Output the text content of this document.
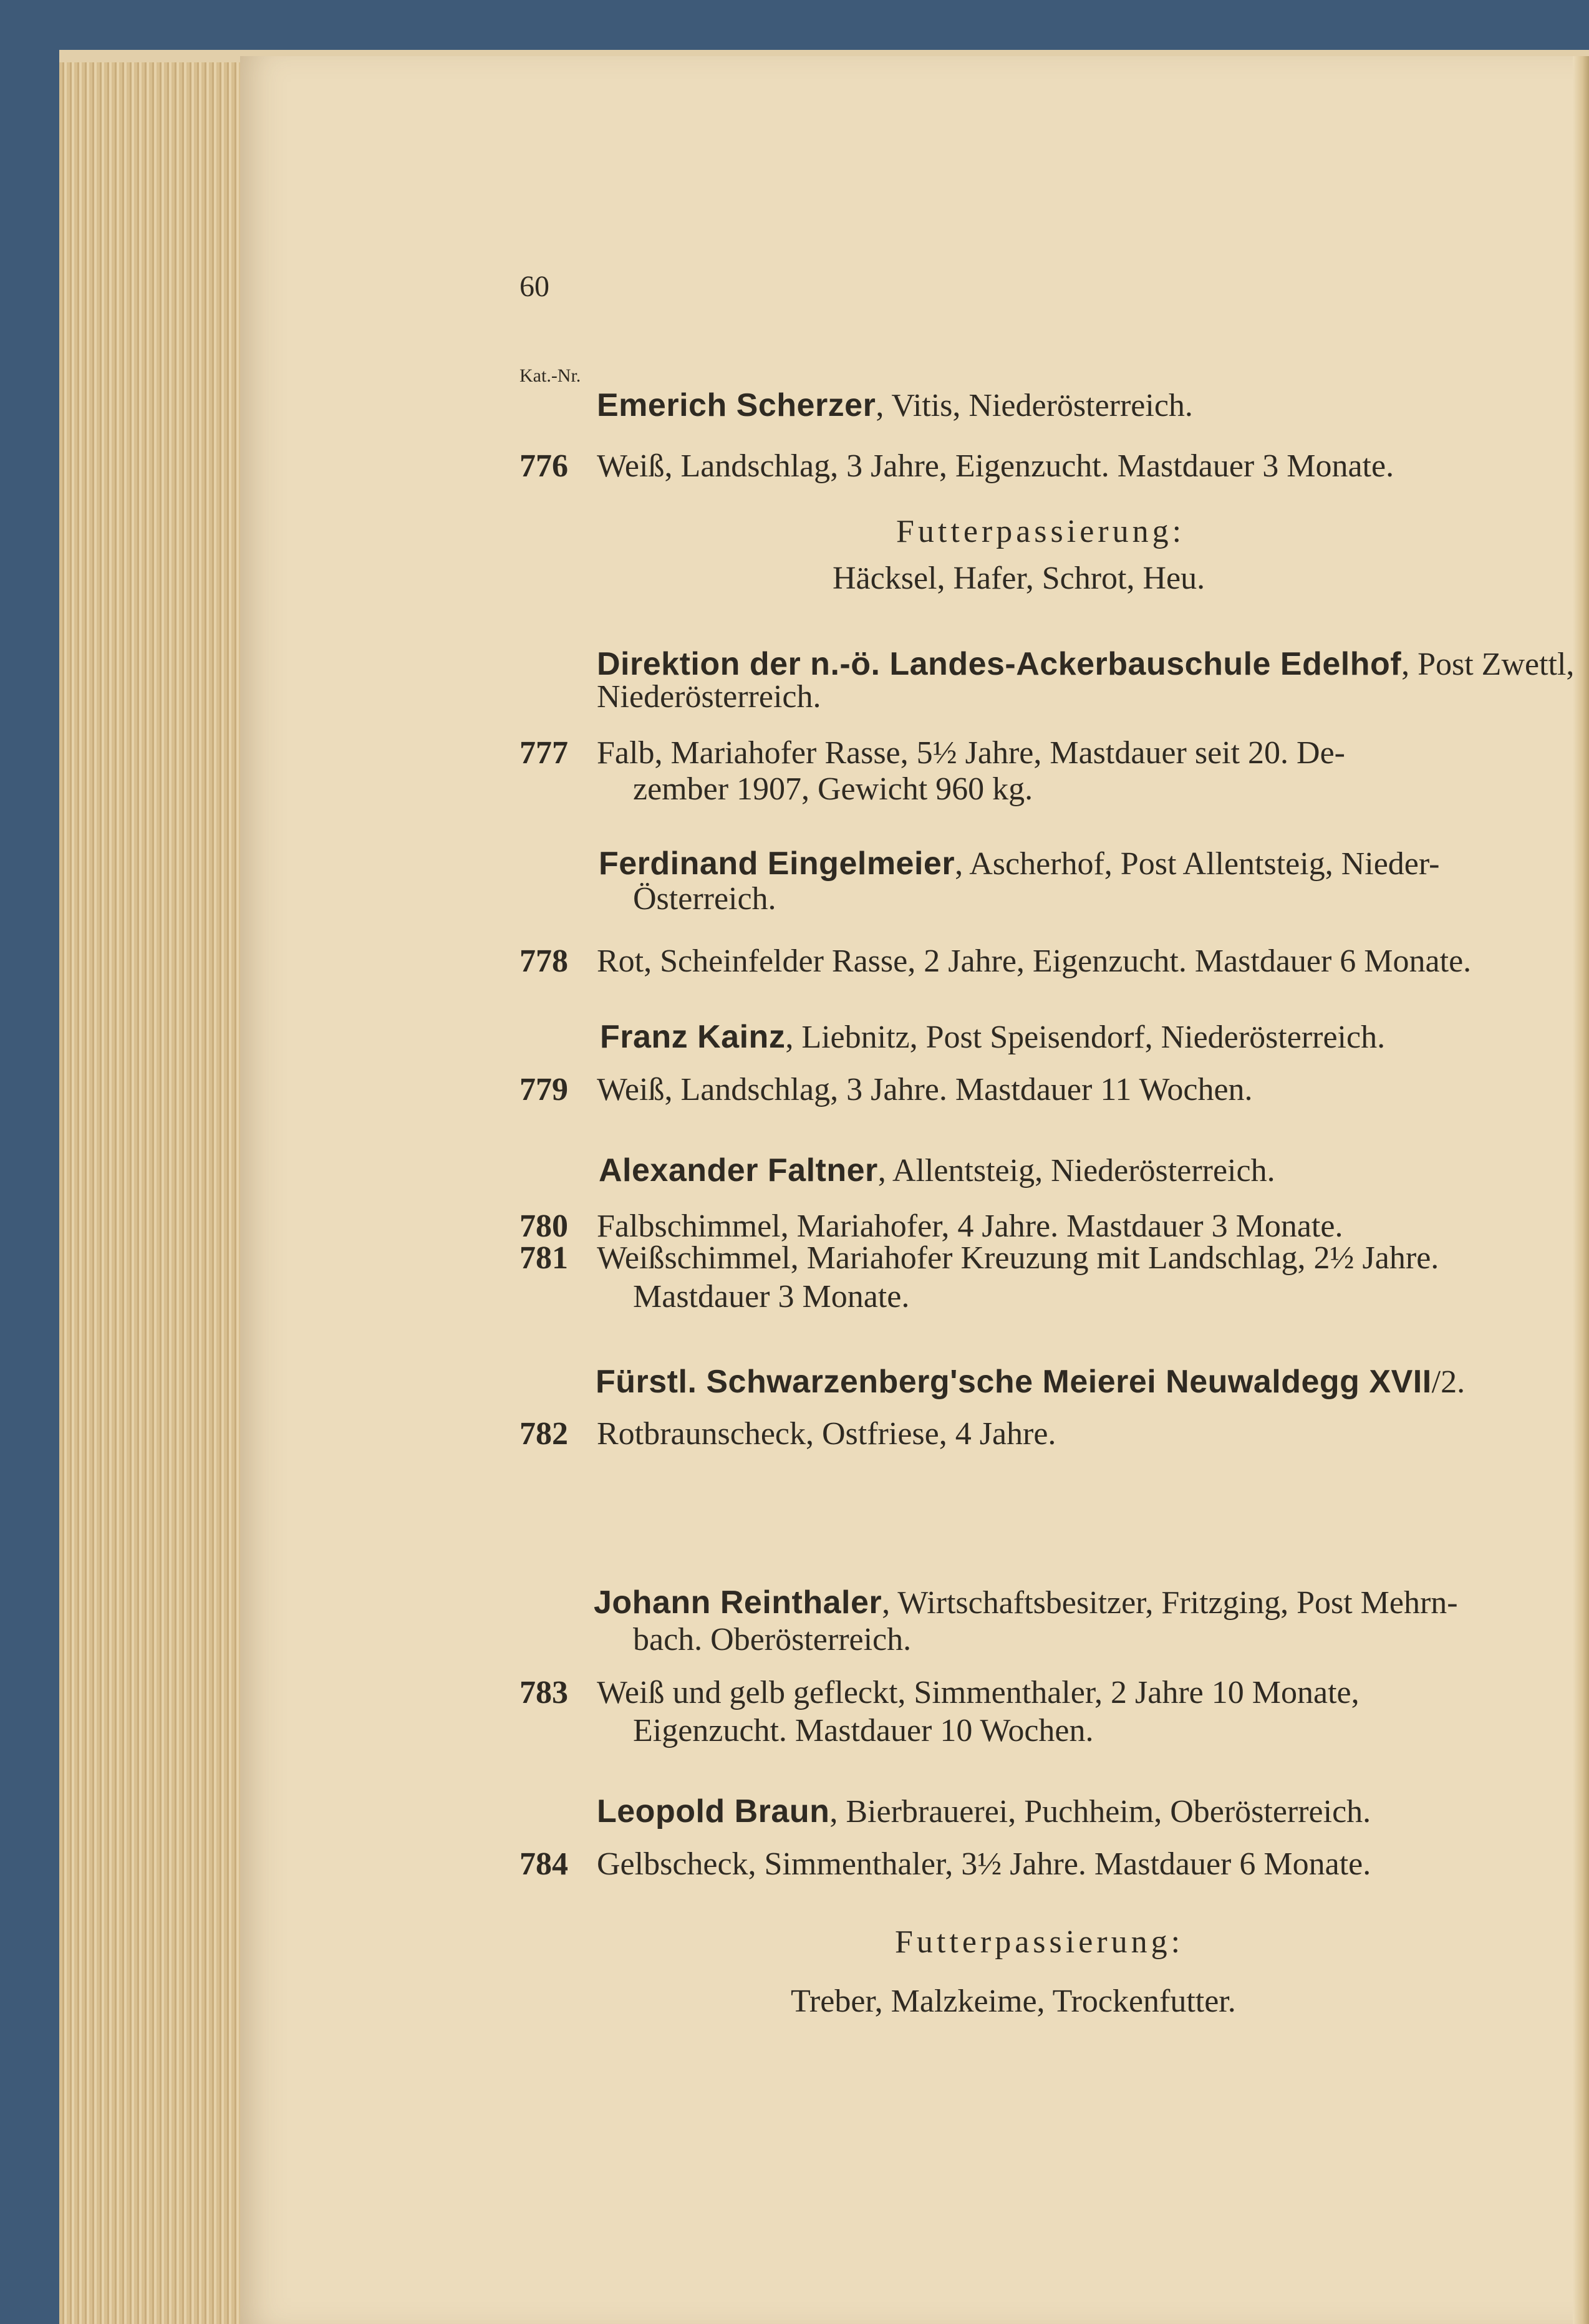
60
Kat.-Nr.
Emerich Scherzer, Vitis, Niederösterreich.
776 Weiß, Landschlag, 3 Jahre, Eigenzucht. Mastdauer 3 Monate.
Futterpassierung:
Häcksel, Hafer, Schrot, Heu.
Direktion der n.-ö. Landes-Ackerbauschule Edelhof, Post Zwettl,
Niederösterreich.
777 Falb, Mariahofer Rasse, 5½ Jahre, Mastdauer seit 20. De-
zember 1907, Gewicht 960 kg.
Ferdinand Eingelmeier, Ascherhof, Post Allentsteig, Nieder-
Österreich.
778 Rot, Scheinfelder Rasse, 2 Jahre, Eigenzucht. Mastdauer 6 Monate.
Franz Kainz, Liebnitz, Post Speisendorf, Niederösterreich.
779 Weiß, Landschlag, 3 Jahre. Mastdauer 11 Wochen.
Alexander Faltner, Allentsteig, Niederösterreich.
780 Falbschimmel, Mariahofer, 4 Jahre. Mastdauer 3 Monate.
781 Weißschimmel, Mariahofer Kreuzung mit Landschlag, 2½ Jahre.
Mastdauer 3 Monate.
Fürstl. Schwarzenberg'sche Meierei Neuwaldegg XVII/2.
782 Rotbraunscheck, Ostfriese, 4 Jahre.
Johann Reinthaler, Wirtschaftsbesitzer, Fritzging, Post Mehrn-
bach. Oberösterreich.
783 Weiß und gelb gefleckt, Simmenthaler, 2 Jahre 10 Monate,
Eigenzucht. Mastdauer 10 Wochen.
Leopold Braun, Bierbrauerei, Puchheim, Oberösterreich.
784 Gelbscheck, Simmenthaler, 3½ Jahre. Mastdauer 6 Monate.
Futterpassierung:
Treber, Malzkeime, Trockenfutter.
